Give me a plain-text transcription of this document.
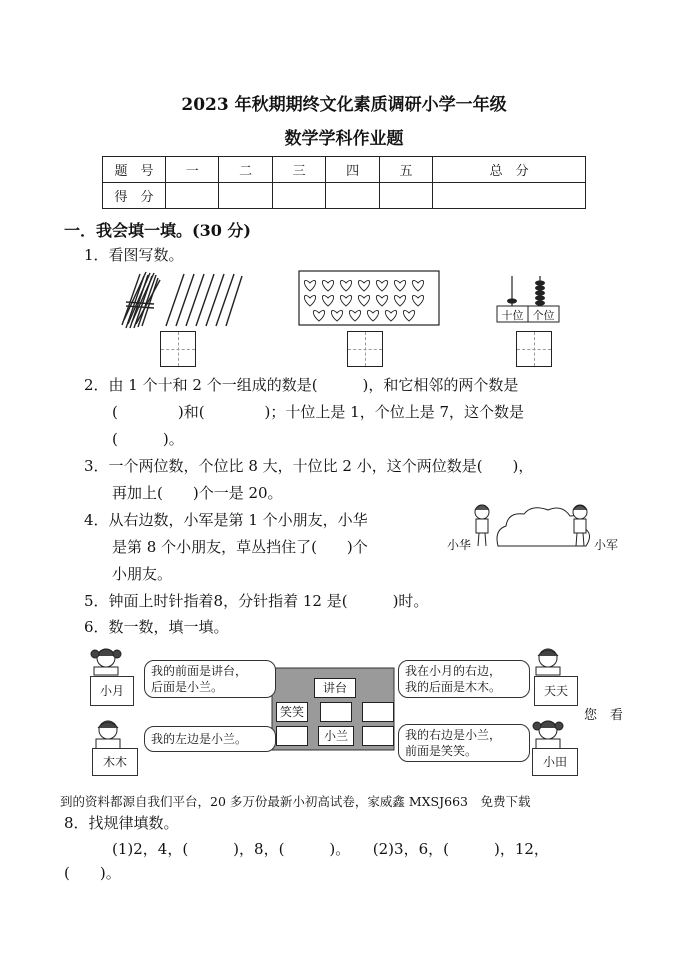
2023 年秋期期终文化素质调研小学一年级
数学学科作业题
题　号	一	二	三	四	五	总　分
得　分						
一．我会填一填。(30 分)
1．看图写数。
十位 个位
2．由 1 个十和 2 个一组成的数是(　　　)，和它相邻的两个数是
(　　　　)和(　　　　)；十位上是 1，个位上是 7，这个数是
(　　　)。
3．一个两位数，个位比 8 大，十位比 2 小，这个两位数是(　　)，
再加上(　　)个一是 20。
4．从右边数，小军是第 1 个小朋友，小华
是第 8 个小朋友，草丛挡住了(　　)个
小朋友。
小华	小军
5．钟面上时针指着8，分针指着 12 是(　　　)时。
6．数一数，填一填。
小月
木木
天天
小田
我的前面是讲台，
后面是小兰。
我的左边是小兰。
我在小月的右边，
我的后面是木木。
我的右边是小兰，
前面是笑笑。
讲台
笑笑
小兰
您　看
到的资料都源自我们平台，20 多万份最新小初高试卷，家威鑫 MXSJ663　免费下载
8．找规律填数。
(1)2，4，(　　　)，8，(　　　)。　　(2)3，6，(　　　)，12，
(　　)。
